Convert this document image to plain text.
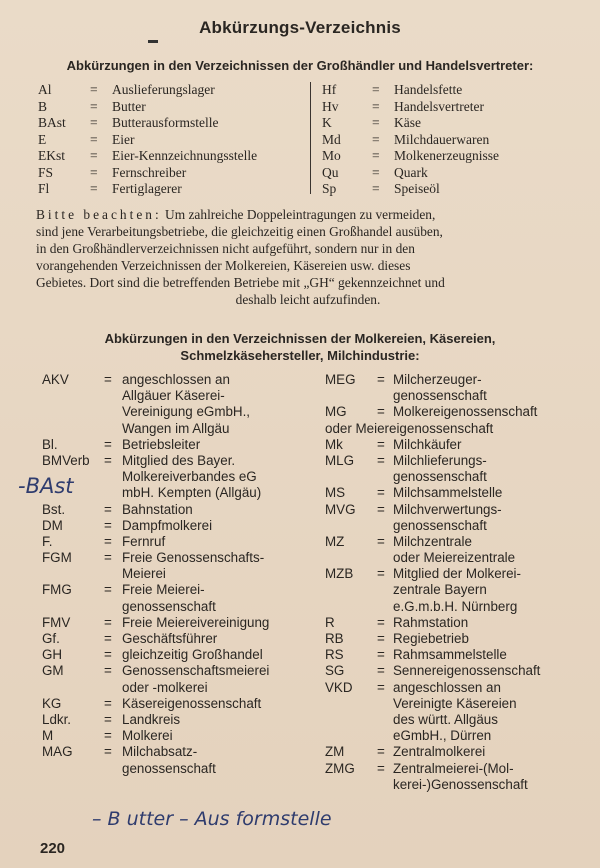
Abkürzungs-Verzeichnis
Abkürzungen in den Verzeichnissen der Großhändler und Handelsvertreter:
Al	= Auslieferungslager
B	= Butter
BAst = Butterausformstelle
E	= Eier
EKst = Eier-Kennzeichnungsstelle
FS	= Fernschreiber
Fl	= Fertiglagerer
Hf	= Handelsfette
Hv = Handelsvertreter
K	= Käse
Md = Milchdauerwaren
Mo = Molkenerzeugnisse
Qu = Quark
Sp	= Speiseöl
Bitte beachten: Um zahlreiche Doppeleintragungen zu vermeiden,
sind jene Verarbeitungsbetriebe, die gleichzeitig einen Großhandel ausüben,
in den Großhändlerverzeichnissen nicht aufgeführt, sondern nur in den
vorangehenden Verzeichnissen der Molkereien, Käsereien usw. dieses
Gebietes. Dort sind die betreffenden Betriebe mit „GH“ gekennzeichnet und

deshalb leicht aufzufinden.
Abkürzungen in den Verzeichnissen der Molkereien, Käsereien,
Schmelzkäsehersteller, Milchindustrie:
AKV	= angeschlossen an
Allgäuer Käserei-
Vereinigung eGmbH.,
Wangen im Allgäu
Bl.	= Betriebsleiter
BMVerb = Mitglied des Bayer.
Molkereiverbandes eG
mbH. Kempten (Allgäu)
Bst.	= Bahnstation
DM	= Dampfmolkerei
F.	= Fernruf
FGM = Freie Genossenschafts-
Meierei
FMG = Freie Meierei-
genossenschaft
FMV	= Freie Meiereivereinigung
Gf.	= Geschäftsführer
GH	= gleichzeitig Großhandel
GM	= Genossenschaftsmeierei
oder -molkerei
KG	= Käsereigenossenschaft
Ldkr. = Landkreis
M	= Molkerei
MAG = Milchabsatz-
genossenschaft
MEG = Milcherzeuger-
genossenschaft
MG = Molkereigenossenschaft
oder Meiereigenossenschaft
Mk	= Milchkäufer
MLG = Milchlieferungs-
genossenschaft
MS = Milchsammelstelle
MVG = Milchverwertungs-
genossenschaft
MZ = Milchzentrale
oder Meiereizentrale
MZB = Mitglied der Molkerei-
zentrale Bayern
e.G.m.b.H. Nürnberg
R	= Rahmstation
RB = Regiebetrieb
RS = Rahmsammelstelle
SG = Sennereigenossenschaft
VKD = angeschlossen an
Vereinigte Käsereien
des württ. Allgäus
eGmbH., Dürren
ZM = Zentralmolkerei
ZMG = Zentralmeierei-(Mol-
kerei-)Genossenschaft
-BAst
– B utter – Aus formstelle
220
